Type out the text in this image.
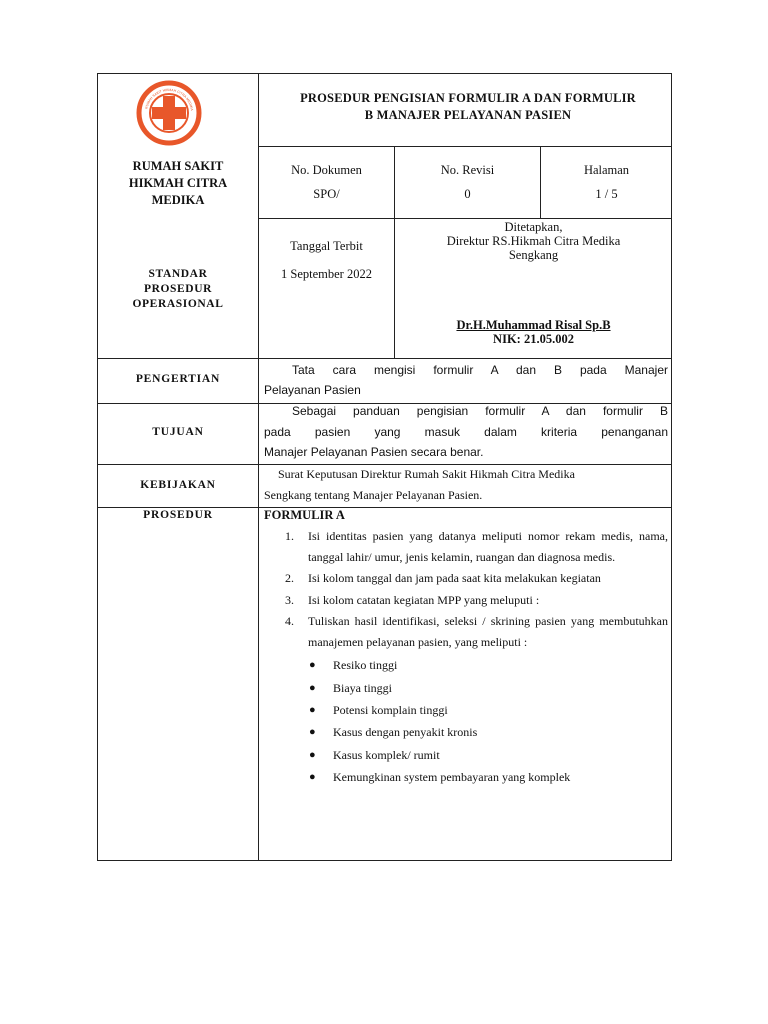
RUMAH SAKIT HIKMAH CITRA MEDIKA
PROSEDUR PENGISIAN FORMULIR A DAN FORMULIR
B MANAJER PELAYANAN PASIEN
RUMAH SAKIT
HIKMAH CITRA
MEDIKA
No. Dokumen
SPO/
No. Revisi
0
Halaman
1 / 5
STANDAR
PROSEDUR
OPERASIONAL
Tanggal Terbit
1 September 2022
Ditetapkan,
Direktur RS.Hikmah Citra Medika
Sengkang
Dr.H.Muhammad Risal Sp.B
NIK: 21.05.002
PENGERTIAN
Tata cara mengisi formulir A dan B pada Manajer
Pelayanan Pasien
TUJUAN
Sebagai panduan pengisian formulir A dan formulir B
pada pasien yang masuk dalam kriteria penanganan
Manajer Pelayanan Pasien secara benar.
KEBIJAKAN
Surat Keputusan Direktur Rumah Sakit Hikmah Citra Medika
Sengkang tentang Manajer Pelayanan Pasien.
PROSEDUR	FORMULIR A
1. Isi identitas pasien yang datanya meliputi nomor rekam medis, nama, tanggal lahir/ umur, jenis kelamin, ruangan dan diagnosa medis.
2. Isi kolom tanggal dan jam pada saat kita melakukan kegiatan
3. Isi kolom catatan kegiatan MPP yang meluputi :
4. Tuliskan hasil identifikasi, seleksi / skrining pasien yang membutuhkan manajemen pelayanan pasien, yang meliputi :
● Resiko tinggi
● Biaya tinggi
● Potensi komplain tinggi
● Kasus dengan penyakit kronis
● Kasus komplek/ rumit
● Kemungkinan system pembayaran yang komplek
